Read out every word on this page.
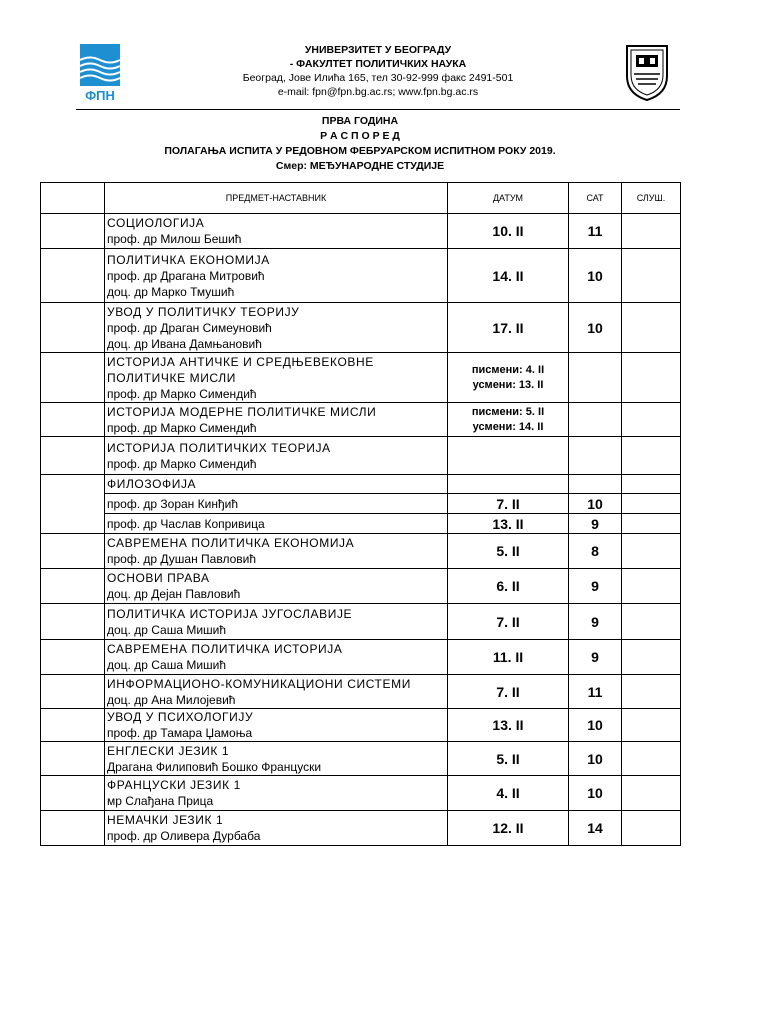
ФПН
УНИВЕРЗИТЕТ У БЕОГРАДУ
- ФАКУЛТЕТ ПОЛИТИЧКИХ НАУКА
Београд, Јове Илића 165, тел 30-92-999 факс 2491-501
e-mail: fpn@fpn.bg.ac.rs; www.fpn.bg.ac.rs
ПРВА ГОДИНА
Р А С П О Р Е Д
ПОЛАГАЊА ИСПИТА У РЕДОВНОМ ФЕБРУАРСКОМ ИСПИТНОМ РОКУ 2019.
Смер: МЕЂУНАРОДНЕ СТУДИЈЕ
	ПРЕДМЕТ-НАСТАВНИК	ДАТУМ	САТ	СЛУШ.

	СОЦИОЛОГИЈА
проф. др Милош Бешић	10. II	11	

	ПОЛИТИЧКА ЕКОНОМИЈА
проф. др Драгана Митровић
доц. др Марко Тмушић	14. II	10	

	УВОД У ПОЛИТИЧКУ ТЕОРИЈУ
проф. др Драган Симеуновић
доц. др Ивана Дамњановић	17. II	10	

	ИСТОРИЈА АНТИЧКЕ И СРЕДЊЕВЕКОВНЕ
ПОЛИТИЧКЕ МИСЛИ
проф. др Марко Симендић	писмени: 4. II
усмени: 13. II		

	ИСТОРИЈА МОДЕРНЕ ПОЛИТИЧКЕ МИСЛИ
проф. др Марко Симендић	писмени: 5. II
усмени: 14. II		

	ИСТОРИЈА ПОЛИТИЧКИХ ТЕОРИЈА
проф. др Марко Симендић			

	ФИЛОЗОФИЈА			

	проф. др Зоран Кинђић	7. II	10	

	проф. др Часлав Копривица	13. II	9	

	САВРЕМЕНА ПОЛИТИЧКА ЕКОНОМИЈА
проф. др Душан Павловић	5. II	8	

	ОСНОВИ ПРАВА
доц. др Дејан Павловић	6. II	9	

	ПОЛИТИЧКА ИСТОРИЈА ЈУГОСЛАВИЈЕ
доц. др Саша Мишић	7. II	9	

	САВРЕМЕНА ПОЛИТИЧКА ИСТОРИЈА
доц. др Саша Мишић	11. II	9	

	ИНФОРМАЦИОНО-КОМУНИКАЦИОНИ СИСТЕМИ
доц. др Ана Милојевић	7. II	11	

	УВОД У ПСИХОЛОГИЈУ
проф. др Тамара Џамоња	13. II	10	

	ЕНГЛЕСКИ ЈЕЗИК 1
Драгана Филиповић Бошко Француски	5. II	10	

	ФРАНЦУСКИ ЈЕЗИК 1
мр Слађана Прица	4. II	10	

	НЕМАЧКИ ЈЕЗИК 1
проф. др Оливера Дурбаба	12. II	14	
